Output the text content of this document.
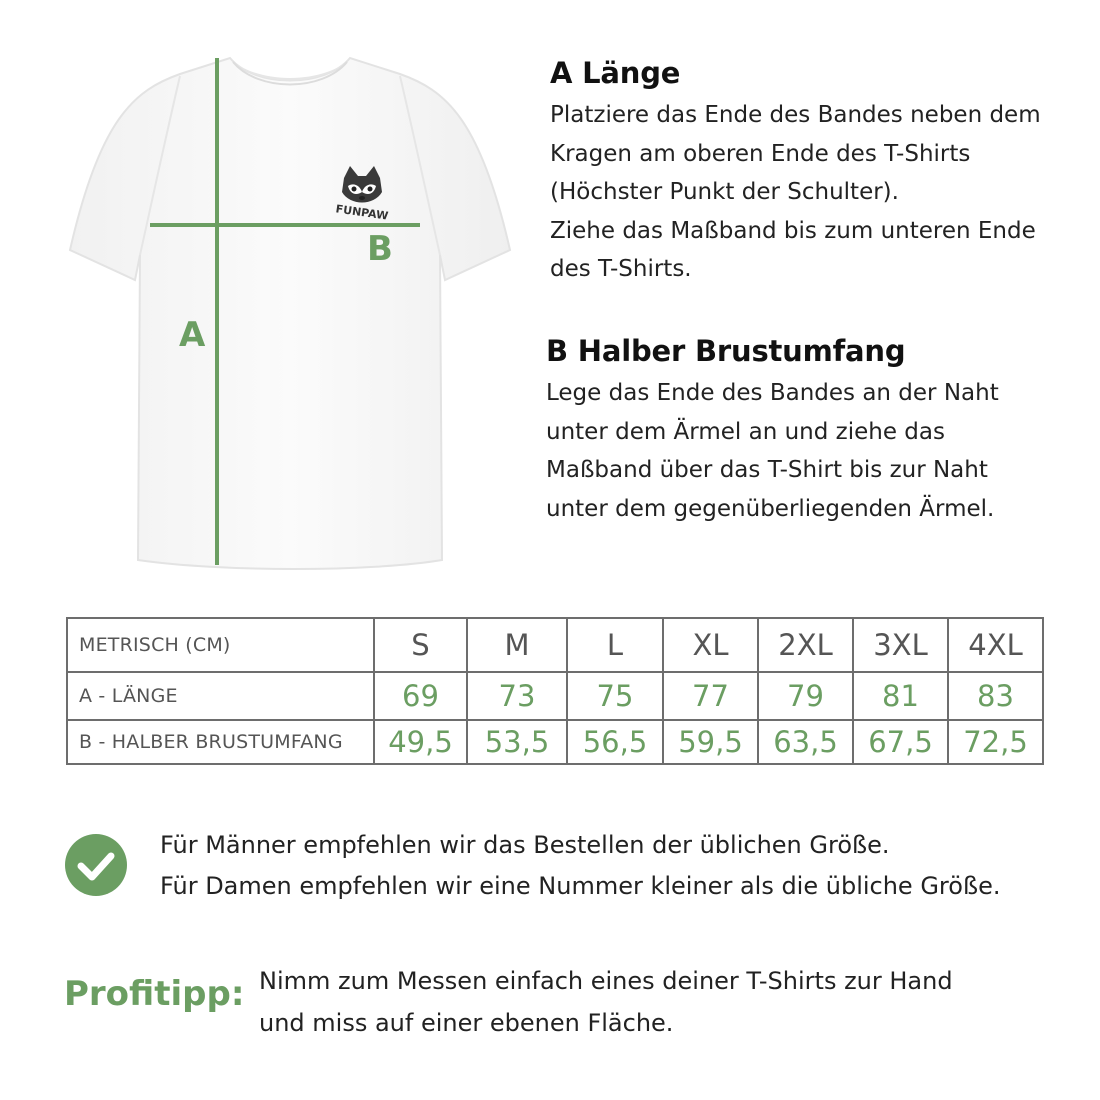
FUNPAW
B
A
A Länge

Platziere das Ende des Bandes neben dem

Kragen am oberen Ende des T-Shirts

(Höchster Punkt der Schulter).

Ziehe das Maßband bis zum unteren Ende

des T-Shirts.

B Halber Brustumfang

Lege das Ende des Bandes an der Naht

unter dem Ärmel an und ziehe das

Maßband über das T-Shirt bis zur Naht

unter dem gegenüberliegenden Ärmel.

METRISCH (CM)	S	M	L	XL	2XL	3XL	4XL
A - LÄNGE	69	73	75	77	79	81	83
B - HALBER BRUSTUMFANG	49,5	53,5	56,5	59,5	63,5	67,5	72,5

Für Männer empfehlen wir das Bestellen der üblichen Größe.

Für Damen empfehlen wir eine Nummer kleiner als die übliche Größe.

Profitipp: Nimm zum Messen einfach eines deiner T-Shirts zur Hand

und miss auf einer ebenen Fläche.
